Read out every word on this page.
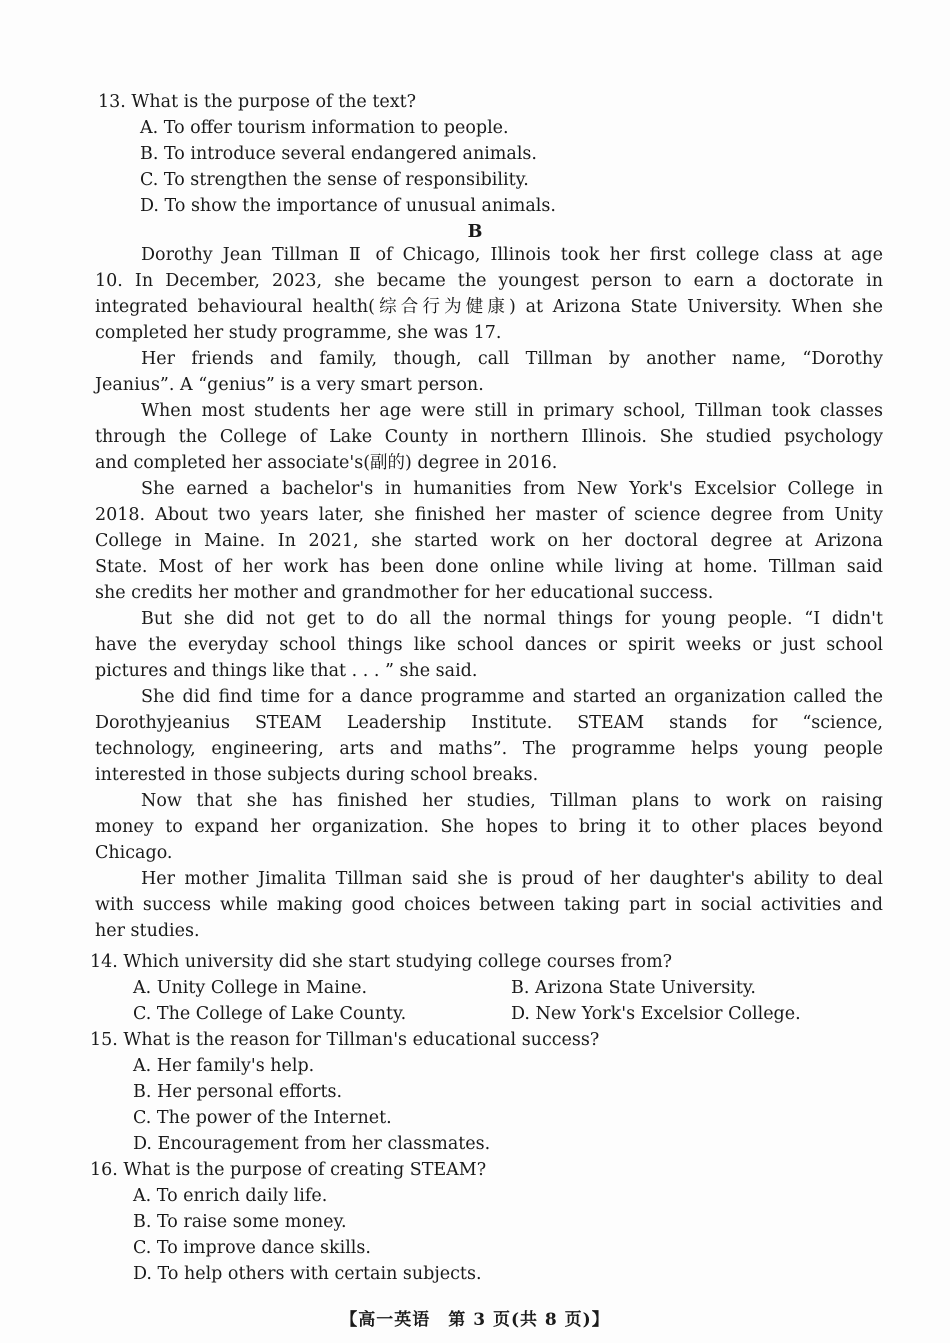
13. What is the purpose of the text?
A. To offer tourism information to people.
B. To introduce several endangered animals.
C. To strengthen the sense of responsibility.
D. To show the importance of unusual animals.
B
Dorothy Jean Tillman Ⅱ of Chicago, Illinois took her first college class at age
10. In December, 2023, she became the youngest person to earn a doctorate in
integrated behavioural health(综合行为健康) at Arizona State University. When she
completed her study programme, she was 17.
Her friends and family, though, call Tillman by another name, “Dorothy
Jeanius”. A “genius” is a very smart person.
When most students her age were still in primary school, Tillman took classes
through the College of Lake County in northern Illinois. She studied psychology
and completed her associate's(副的) degree in 2016.
She earned a bachelor's in humanities from New York's Excelsior College in
2018. About two years later, she finished her master of science degree from Unity
College in Maine. In 2021, she started work on her doctoral degree at Arizona
State. Most of her work has been done online while living at home. Tillman said
she credits her mother and grandmother for her educational success.
But she did not get to do all the normal things for young people. “I didn't
have the everyday school things like school dances or spirit weeks or just school
pictures and things like that . . . ” she said.
She did find time for a dance programme and started an organization called the
Dorothyjeanius STEAM Leadership Institute. STEAM stands for “science,
technology, engineering, arts and maths”. The programme helps young people
interested in those subjects during school breaks.
Now that she has finished her studies, Tillman plans to work on raising
money to expand her organization. She hopes to bring it to other places beyond
Chicago.
Her mother Jimalita Tillman said she is proud of her daughter's ability to deal
with success while making good choices between taking part in social activities and
her studies.
14. Which university did she start studying college courses from?
A. Unity College in Maine.	B. Arizona State University.
C. The College of Lake County.	D. New York's Excelsior College.
15. What is the reason for Tillman's educational success?
A. Her family's help.
B. Her personal efforts.
C. The power of the Internet.
D. Encouragement from her classmates.
16. What is the purpose of creating STEAM?
A. To enrich daily life.
B. To raise some money.
C. To improve dance skills.
D. To help others with certain subjects.
【高一英语　第 3 页(共 8 页)】
